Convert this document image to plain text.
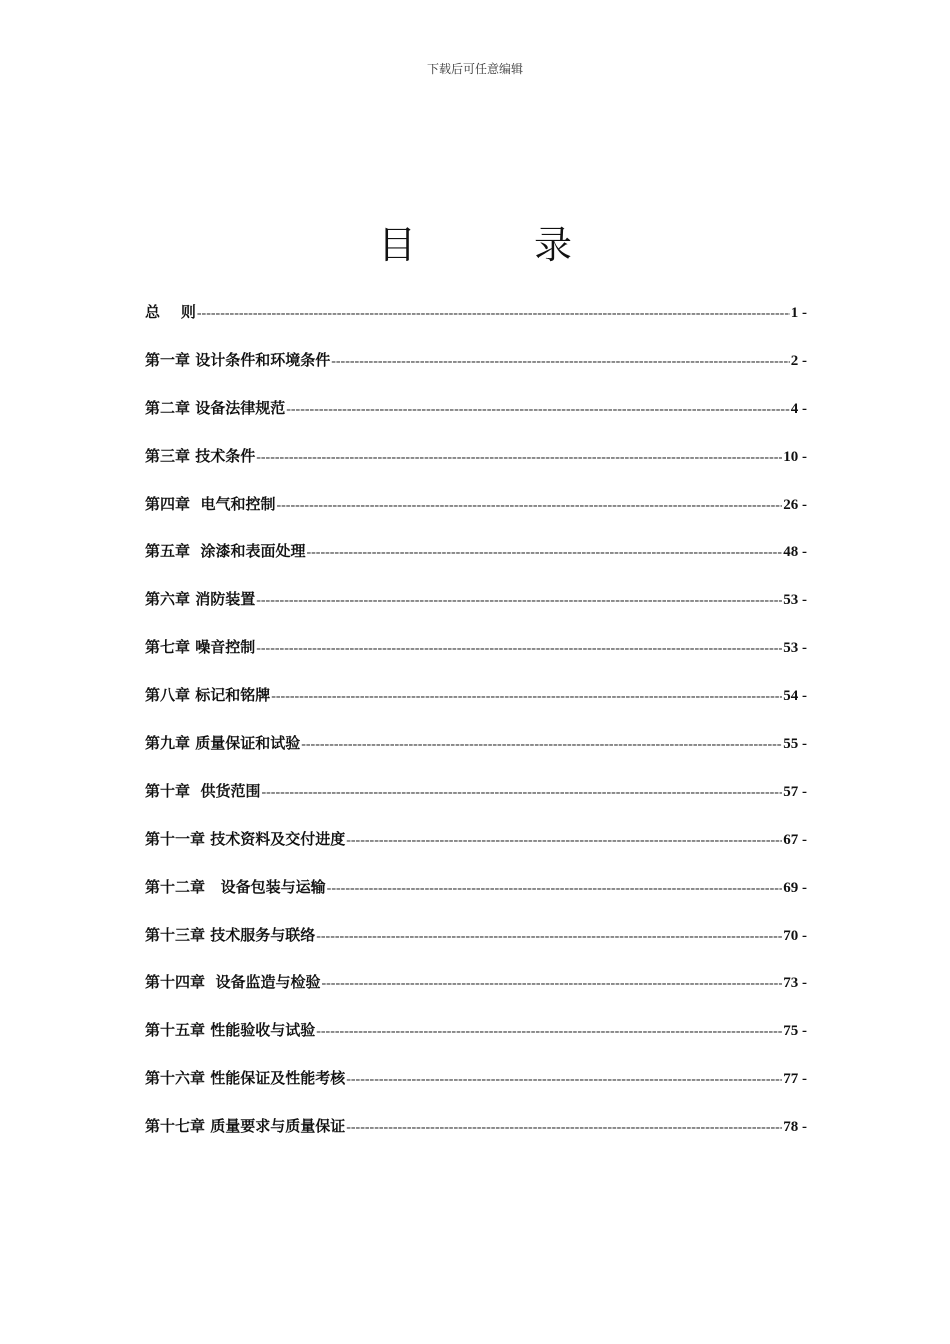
下载后可任意编辑
目	录
总    则 -----	1 -
第一章 设计条件和环境条件 -----	2 -
第二章 设备法律规范 -----	4 -
第三章 技术条件 -----	10 -
第四章  电气和控制 -----	26 -
第五章  涂漆和表面处理 -----	48 -
第六章 消防装置 -----	53 -
第七章 噪音控制 -----	53 -
第八章 标记和铭牌 -----	54 -
第九章 质量保证和试验 -----	55 -
第十章  供货范围 -----	57 -
第十一章 技术资料及交付进度 -----	67 -
第十二章   设备包装与运输 -----	69 -
第十三章 技术服务与联络 -----	70 -
第十四章  设备监造与检验 -----	73 -
第十五章 性能验收与试验 -----	75 -
第十六章 性能保证及性能考核 -----	77 -
第十七章 质量要求与质量保证 -----	78 -
